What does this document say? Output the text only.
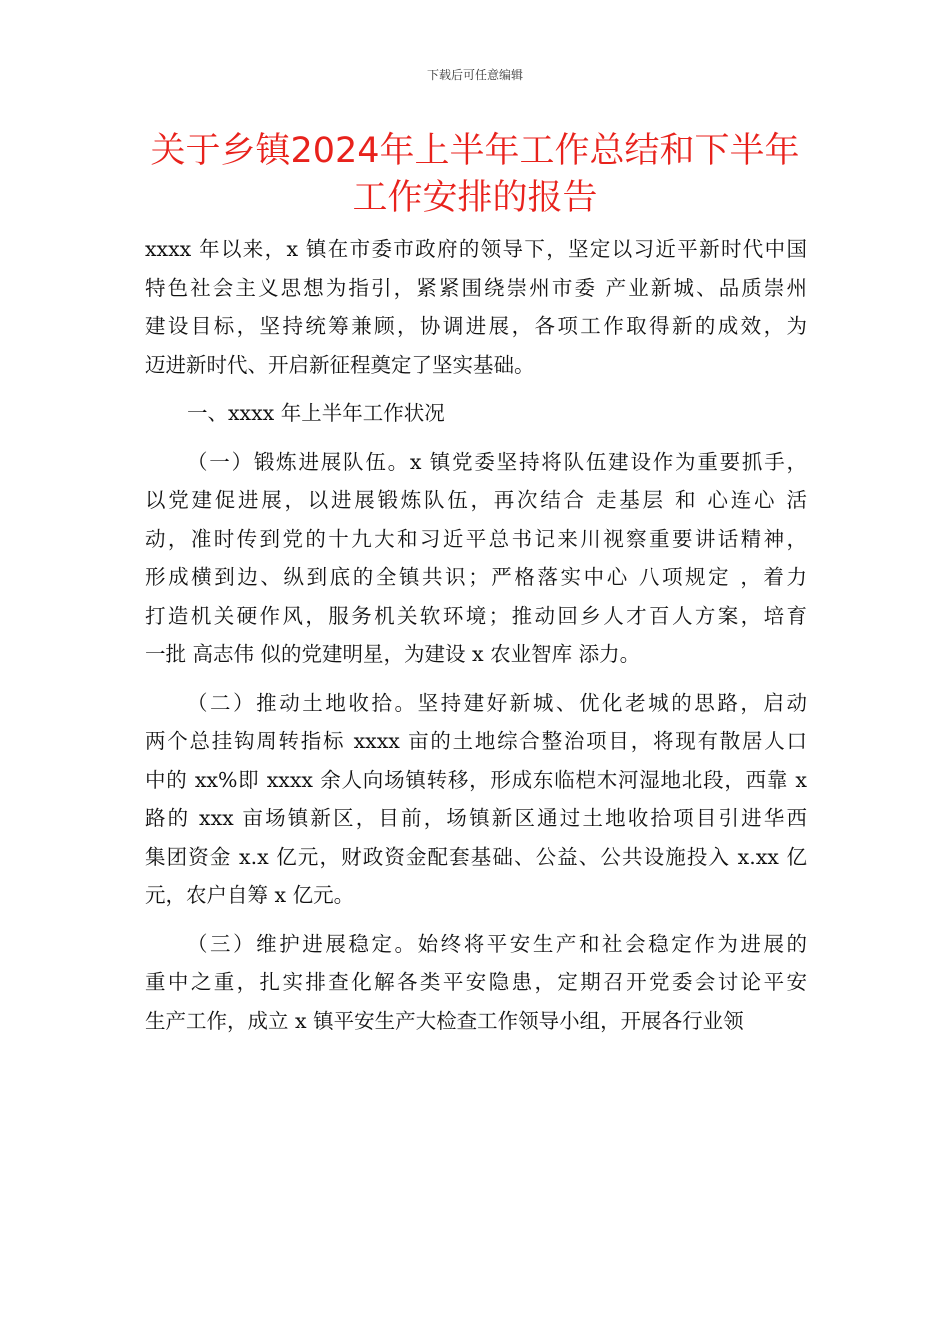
下载后可任意编辑
关于乡镇2024年上半年工作总结和下半年
工作安排的报告

xxxx 年以来，x 镇在市委市政府的领导下，坚定以习近平新时代中国
特色社会主义思想为指引，紧紧围绕崇州市委 产业新城、品质崇州
建设目标，坚持统筹兼顾，协调进展，各项工作取得新的成效，为
迈进新时代、开启新征程奠定了坚实基础。

一、xxxx 年上半年工作状况

（一）锻炼进展队伍。x 镇党委坚持将队伍建设作为重要抓手，
以党建促进展，以进展锻炼队伍，再次结合 走基层 和 心连心 活
动，准时传到党的十九大和习近平总书记来川视察重要讲话精神，
形成横到边、纵到底的全镇共识；严格落实中心 八项规定 ，着力
打造机关硬作风，服务机关软环境；推动回乡人才百人方案，培育
一批 高志伟 似的党建明星，为建设 x 农业智库 添力。

（二）推动土地收拾。坚持建好新城、优化老城的思路，启动
两个总挂钩周转指标 xxxx 亩的土地综合整治项目，将现有散居人口
中的 xx%即 xxxx 余人向场镇转移，形成东临桤木河湿地北段，西靠 x
路的 xxx 亩场镇新区，目前，场镇新区通过土地收拾项目引进华西
集团资金 x.x 亿元，财政资金配套基础、公益、公共设施投入 x.xx 亿
元，农户自筹 x 亿元。

（三）维护进展稳定。始终将平安生产和社会稳定作为进展的
重中之重，扎实排查化解各类平安隐患，定期召开党委会讨论平安
生产工作，成立 x 镇平安生产大检查工作领导小组，开展各行业领
